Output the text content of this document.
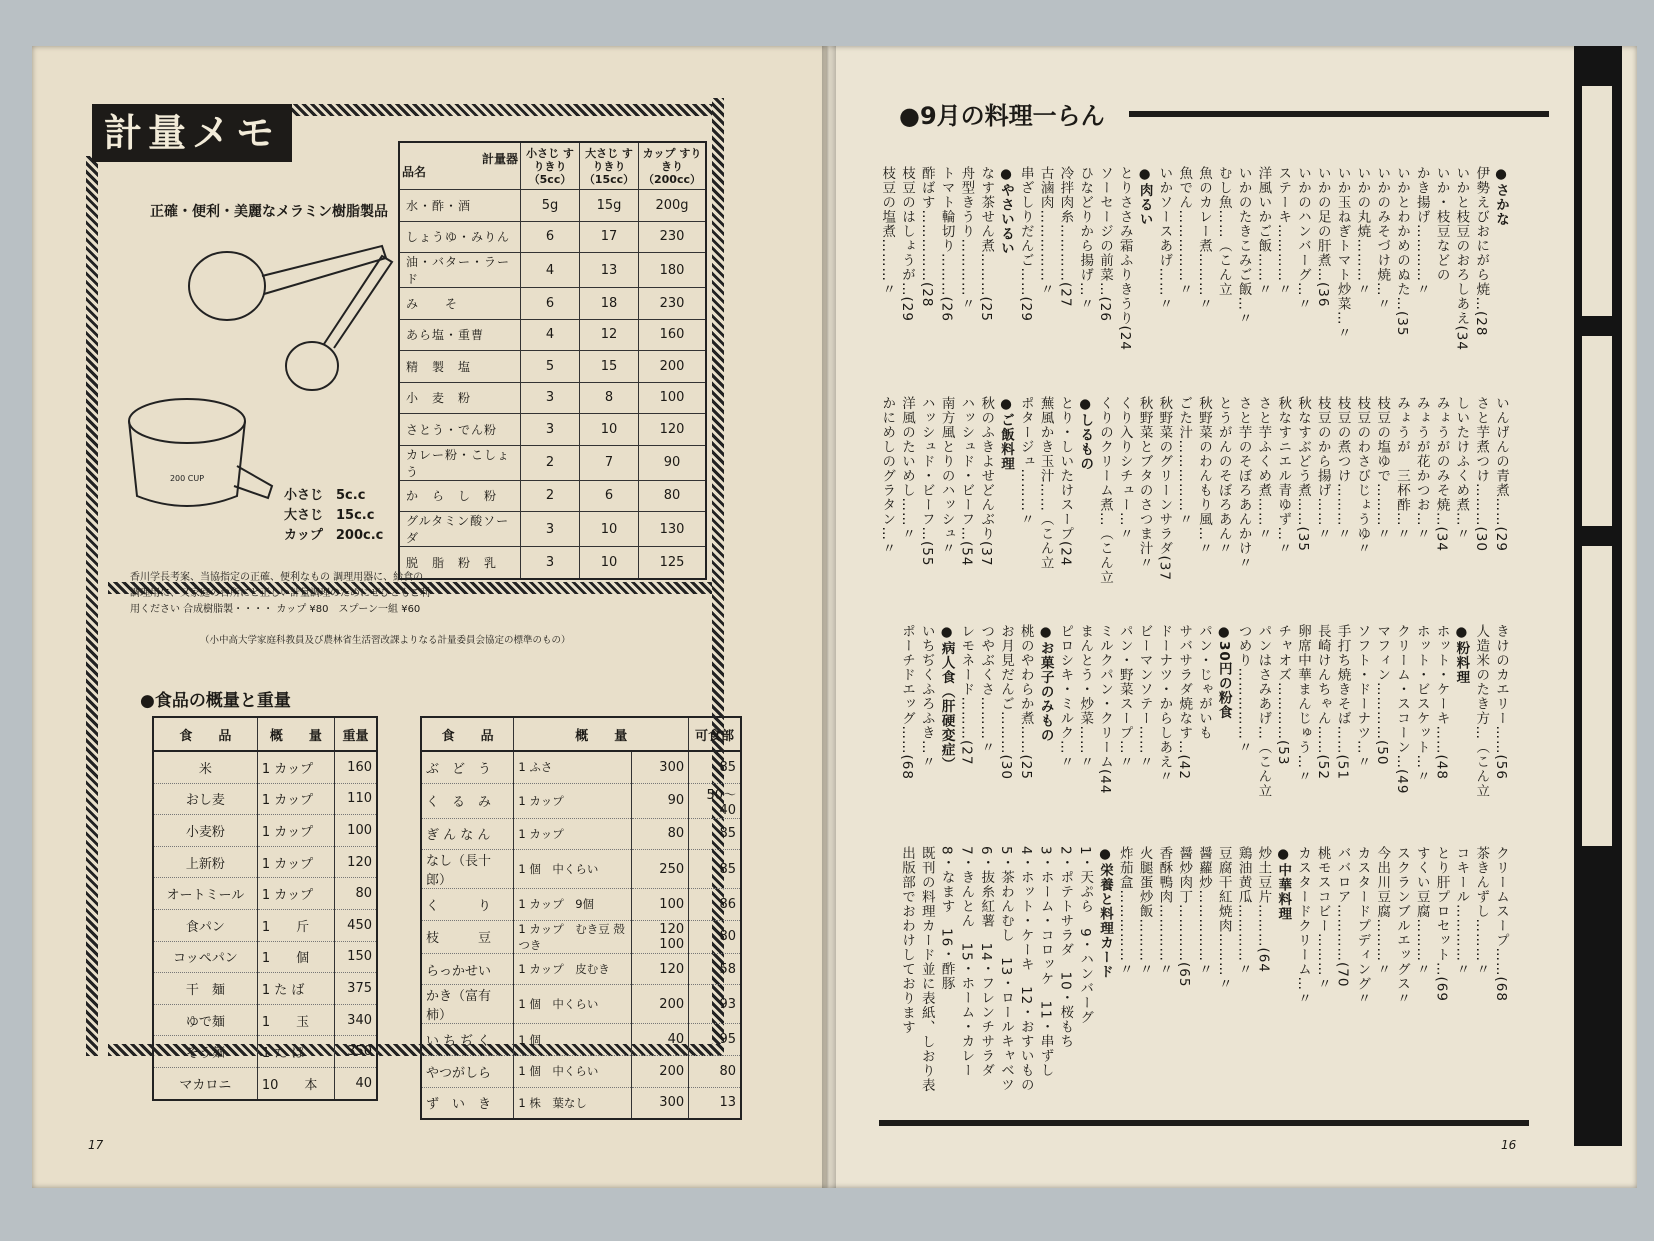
計量メモ
正確・便利・美麗なメラミン樹脂製品
200 CUP
小さじ　5c.c
大さじ　15c.c
カップ　200c.c
香川学長考案、当協指定の正確、便利なもの 調理用器に、給食の調理用に、又家庭の台所にと正しい計量調理のためにぜひともご利用ください 合成樹脂製・・・・ カップ ¥80　スプーン一組 ¥60
（小中高大学家庭科教員及び農林省生活習改課よりなる計量委員会協定の標準のもの）
計量器
品名	小さじ すりきり（5cc）	大さじ すりきり（15cc）	カップ すりきり（200cc）
水・酢・酒	5g	15g	200g
しょうゆ・みりん	6	17	230
油・バター・ラード	4	13	180
み　　そ	6	18	230
あら塩・重曹	4	12	160
精　製　塩	5	15	200
小　麦　粉	3	8	100
さとう・でん粉	3	10	120
カレー粉・こしょう	2	7	90
か　ら　し　粉	2	6	80
グルタミン酸ソーダ	3	10	130
脱　脂　粉　乳	3	10	125
●食品の概量と重量
食　　品	概　　量	重量
米	1 カップ	160
おし麦	1 カップ	110
小麦粉	1 カップ	100
上新粉	1 カップ	120
オートミール	1 カップ	80
食パン	1　　斤	450
コッペパン	1　　個	150
干　麺	1 た ば	375
ゆで麺	1　　玉	340
そう麺	1 た ば	350
マカロニ	10　　本	40
食　　品	概　　量		可食部
ぶ　ど　う	1 ふさ	300	85
く　る　み	1 カップ	90	50〜40
ぎ ん な ん	1 カップ	80	85
なし（長十郎）	1 個　中くらい	250	85
く　　　り	1 カップ　9個	100	86
枝　　　豆	1 カップ　むき豆 殻つき	120 100	80
らっかせい	1 カップ　皮むき	120	58
かき（富有柿）	1 個　中くらい	200	93
い ち ぢ く	1 個	40	95
やつがしら	1 個　中くらい	200	80
ず　い　き	1 株　葉なし	300	13
17
●9月の料理一らん
●さかな
伊勢えびおにがら焼…(28
いかと枝豆のおろしあえ(34
いか・枝豆などの
かき揚げ…………〃
いかとわかめのぬた…(35
いかのみそづけ焼…〃
いかの丸焼………〃
いか玉ねぎトマト炒菜…〃
いかの足の肝煮…(36
いかのハンバーグ…〃
ステーキ…………〃
洋風いかご飯……〃
いかのたきこみご飯…〃
むし魚……（こん立
魚のカレー煮………〃
魚でん……………〃
いかソースあげ……〃
●肉るい
とりささみ霜ふりきうり(24
ソーセージの前菜…(26
ひなどりから揚げ…〃
冷拌肉糸…………(27
古滷肉……………〃
串ざしりだんご……(29
●やさいるい
なす茶せん煮………(25
舟型きうり…………〃
トマト輪切り………(26
酢ばす……………(28
枝豆のはしょうが…(29
枝豆の塩煮………〃
いんげんの青煮……(29
さと芋煮つけ………(30
しいたけふくめ煮…〃
みょうがのみそ焼…(34
みょうが花かつお…〃
みょうが　三杯酢…〃
枝豆の塩ゆで………〃
枝豆のわさびじょうゆ〃
枝豆の煮つけ………〃
枝豆のから揚げ……〃
秋なすぶどう煮……(35
秋なすニエル青ゆず…〃
さと芋ふくめ煮……〃
さと芋のそぼろあんかけ〃
とうがんのそぼろあん〃
秋野菜のわんもり風…〃
ごた汁……………〃
秋野菜のグリーンサラダ(37
秋野菜とブタのさつま汁〃
くり入りシチュー…〃
くりのクリーム煮…（こん立
●しるもの
とり・しいたけスープ(24
蕪風かき玉汁……（こん立
ポタージュ………〃
●ご飯料理
秋のふきよせどんぶり(37
ハッシュド・ビーフ…(54
南方風とりのハッシュ〃
ハッシュド・ビーフ…(55
洋風のたいめし……〃
かにめしのグラタン…〃
きけのカエリー……(56
人造米のたき方…（こん立
●粉料理
ホット・ケーキ……(48
ホット・ビスケット…〃
クリーム・スコーン…(49
マフィン…………(50
ソフト・ドーナツ…〃
手打ち焼きそば……(51
長崎けんちゃん……(52
卵席中華まんじゅう…〃
チャオズ…………(53
パンはさみあげ…（こん立
つめり……………〃
●30円の粉食
パン・じゃがいも
サバサラダ焼なす…(42
ドーナツ・からしあえ〃
ビーマンソテー……〃
パン・野菜スープ…〃
ミルクパン・クリーム(44
まんとう・炒菜……〃
ピロシキ・ミルク…〃
●お菓子のみもの
桃のやわらか煮……(25
お月見だんご………(30
つやぶくさ………〃
レモネード………(27
●病人食（肝硬変症）
いちぢくふろふき…〃
ポーチドエッグ……(68
クリームスープ……(68
茶きんずし………〃
コキール…………〃
とり肝プロセット…(69
すくい豆腐………〃
スクランブルエッグス〃
今出川豆腐………〃
カスタードプディング〃
ババロア…………(70
桃モスコビー………〃
カスタードクリーム…〃
●中華料理
炒土豆片………(64
鶏油黄瓜…………〃
豆腐干紅焼肉………〃
醤蘿炒……………〃
醤炒肉丁…………(65
香酥鴨肉…………〃
火腿蛋炒飯………〃
炸茄盒……………〃
●栄養と料理カード
1・天ぷら　9・ハンバーグ
2・ポテトサラダ　10・桜もち
3・ホーム・コロッケ　11・串ずし
4・ホット・ケーキ　12・おすいもの
5・茶わんむし　13・ロールキャベツ
6・抜糸紅薯　14・フレンチサラダ
7・きんとん　15・ホーム・カレー
8・なます　16・酢豚
既刊の料理カード並に表紙、しおり表
出版部でおわけしております
16
